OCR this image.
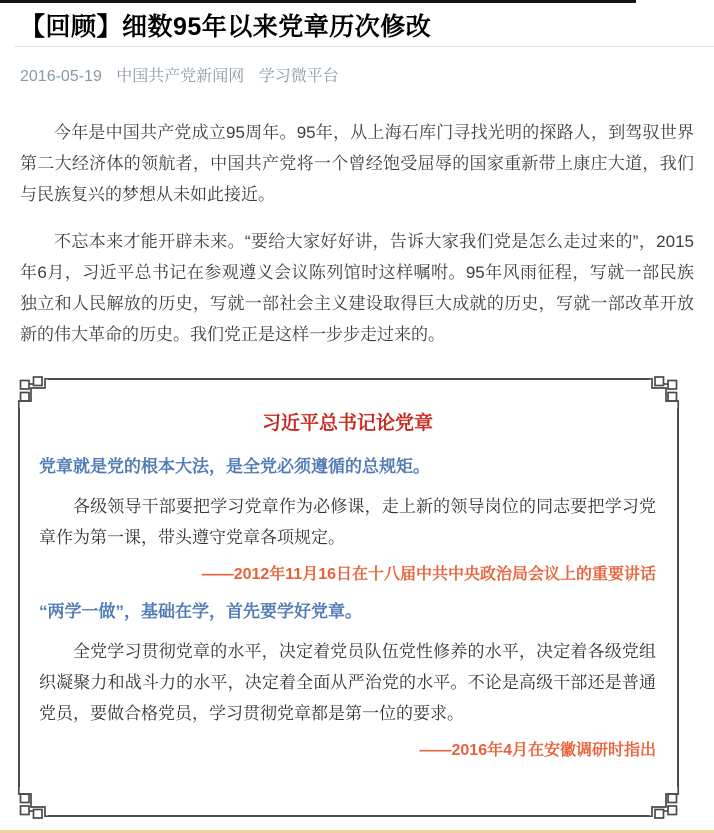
【回顾】细数95年以来党章历次修改
2016-05-19 中国共产党新闻网 学习微平台

今年是中国共产党成立95周年。95年，从上海石库门寻找光明的探路人，到驾驭世界第二大经济体的领航者，中国共产党将一个曾经饱受屈辱的国家重新带上康庄大道，我们与民族复兴的梦想从未如此接近。

不忘本来才能开辟未来。“要给大家好好讲，告诉大家我们党是怎么走过来的”，2015年6月，习近平总书记在参观遵义会议陈列馆时这样嘱咐。95年风雨征程，写就一部民族独立和人民解放的历史，写就一部社会主义建设取得巨大成就的历史，写就一部改革开放新的伟大革命的历史。我们党正是这样一步步走过来的。

习近平总书记论党章
党章就是党的根本大法，是全党必须遵循的总规矩。
各级领导干部要把学习党章作为必修课，走上新的领导岗位的同志要把学习党章作为第一课，带头遵守党章各项规定。
——2012年11月16日在十八届中共中央政治局会议上的重要讲话
“两学一做”，基础在学，首先要学好党章。
全党学习贯彻党章的水平，决定着党员队伍党性修养的水平，决定着各级党组织凝聚力和战斗力的水平，决定着全面从严治党的水平。不论是高级干部还是普通党员，要做合格党员，学习贯彻党章都是第一位的要求。
——2016年4月在安徽调研时指出
